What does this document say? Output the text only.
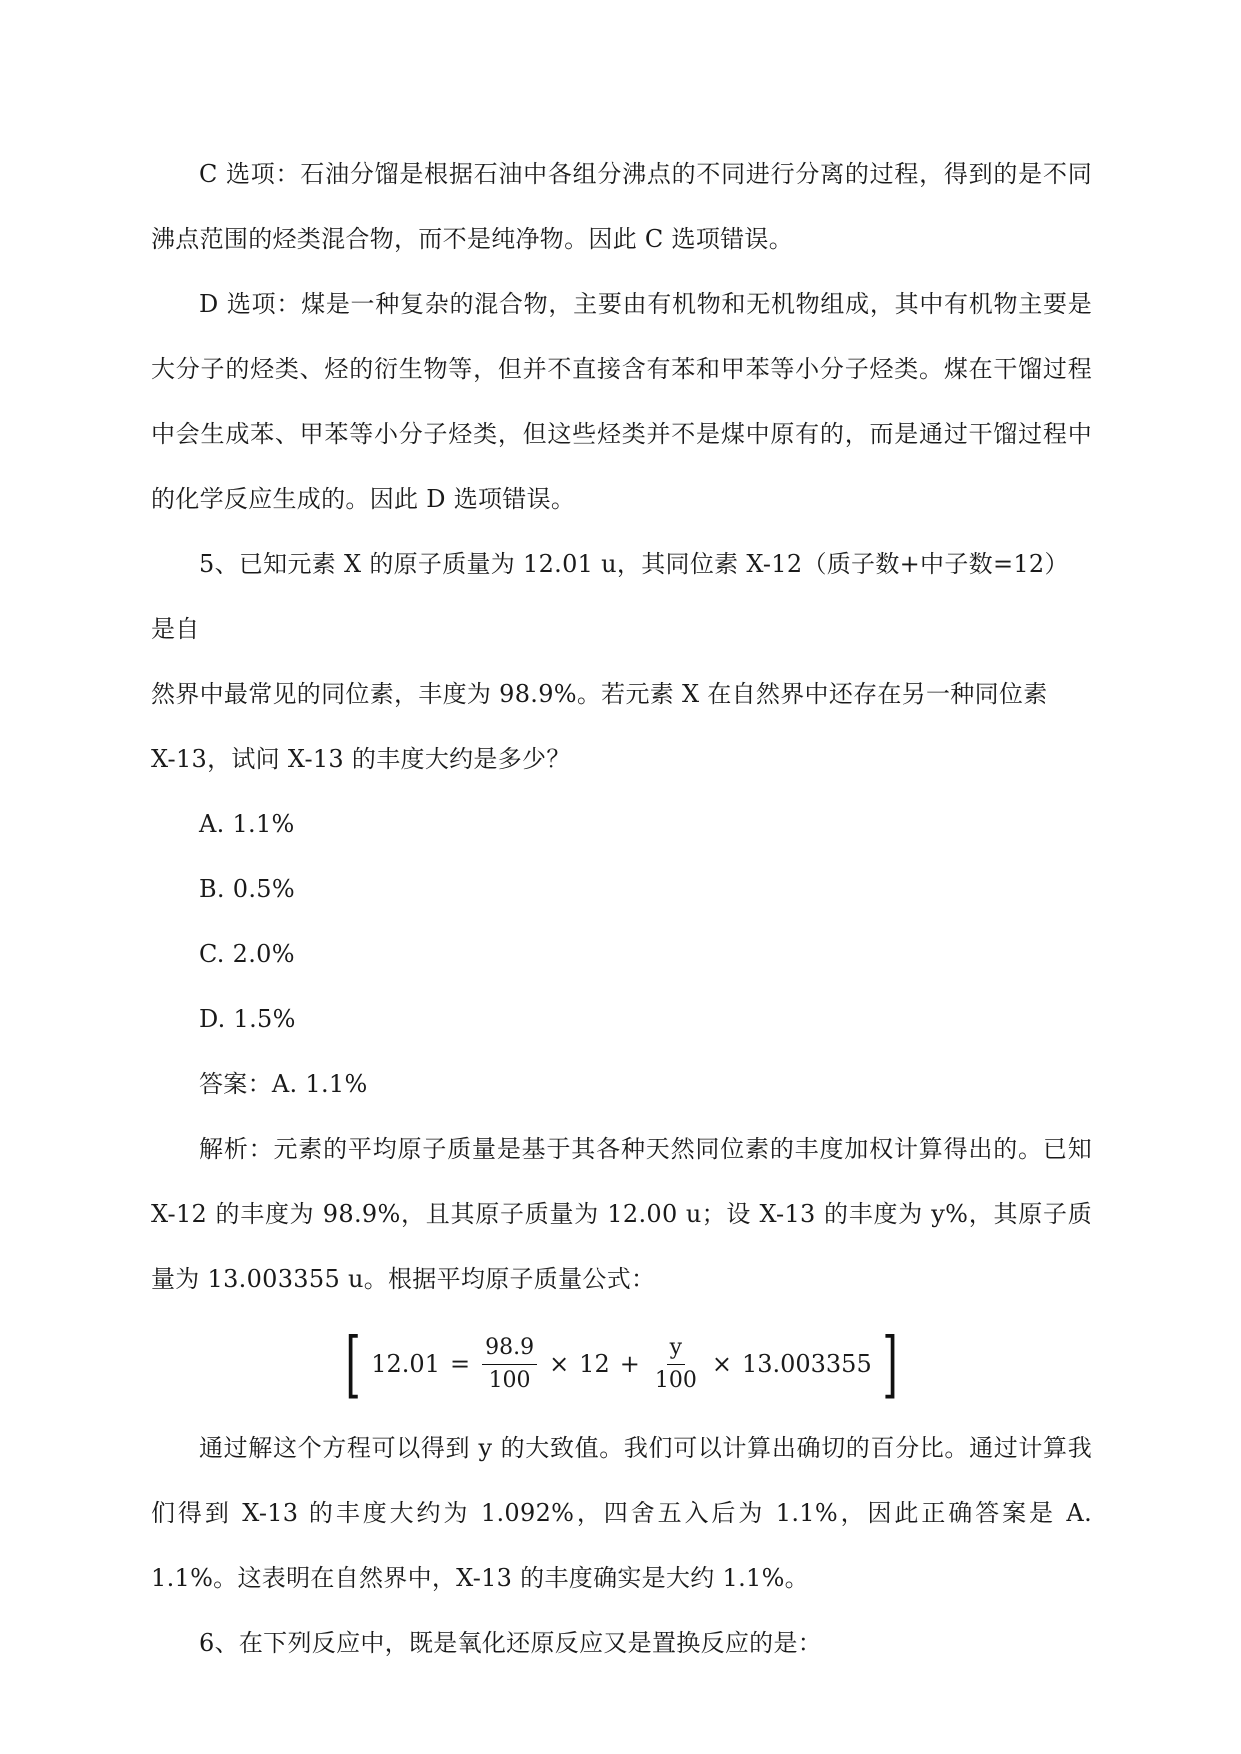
C 选项：石油分馏是根据石油中各组分沸点的不同进行分离的过程，得到的是不同沸点范围的烃类混合物，而不是纯净物。因此 C 选项错误。

D 选项：煤是一种复杂的混合物，主要由有机物和无机物组成，其中有机物主要是大分子的烃类、烃的衍生物等，但并不直接含有苯和甲苯等小分子烃类。煤在干馏过程中会生成苯、甲苯等小分子烃类，但这些烃类并不是煤中原有的，而是通过干馏过程中的化学反应生成的。因此 D 选项错误。

5、已知元素 X 的原子质量为 12.01 u，其同位素 X-12（质子数+中子数=12）是自

然界中最常见的同位素，丰度为 98.9%。若元素 X 在自然界中还存在另一种同位素

X-13，试问 X-13 的丰度大约是多少？

A. 1.1%

B. 0.5%

C. 2.0%

D. 1.5%

答案：A. 1.1%

解析：元素的平均原子质量是基于其各种天然同位素的丰度加权计算得出的。已知 X-12 的丰度为 98.9%，且其原子质量为 12.00 u；设 X-13 的丰度为 y%，其原子质量为 13.003355 u。根据平均原子质量公式：

[ $12.01 = \frac{98.9}{100} \times 12 + \frac{y}{100} \times 13.003355$ ]

通过解这个方程可以得到 y 的大致值。我们可以计算出确切的百分比。通过计算我们得到 X-13 的丰度大约为 1.092%，四舍五入后为 1.1%，因此正确答案是 A. 1.1%。这表明在自然界中，X-13 的丰度确实是大约 1.1%。

6、在下列反应中，既是氧化还原反应又是置换反应的是：
